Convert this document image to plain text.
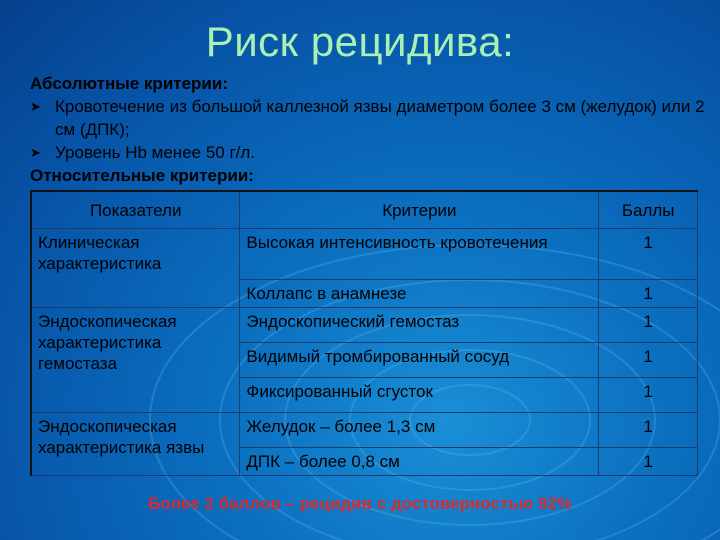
Риск рецидива:
Абсолютные критерии:
➤ Кровотечение из большой каллезной язвы диаметром более 3 см (желудок) или 2 см (ДПК);
➤ Уровень Hb менее 50 г/л.
Относительные критерии:
Показатели	Критерии	Баллы
Клиническая характеристика	Высокая интенсивность кровотечения	1
	Коллапс в анамнезе	1
Эндоскопическая характеристика гемостаза	Эндоскопический гемостаз	1
	Видимый тромбированный сосуд	1
	Фиксированный сгусток	1
Эндоскопическая характеристика язвы	Желудок – более 1,3 см	1
	ДПК – более 0,8 см	1
Более 2 баллов – рецидив с достоверностью 92%
